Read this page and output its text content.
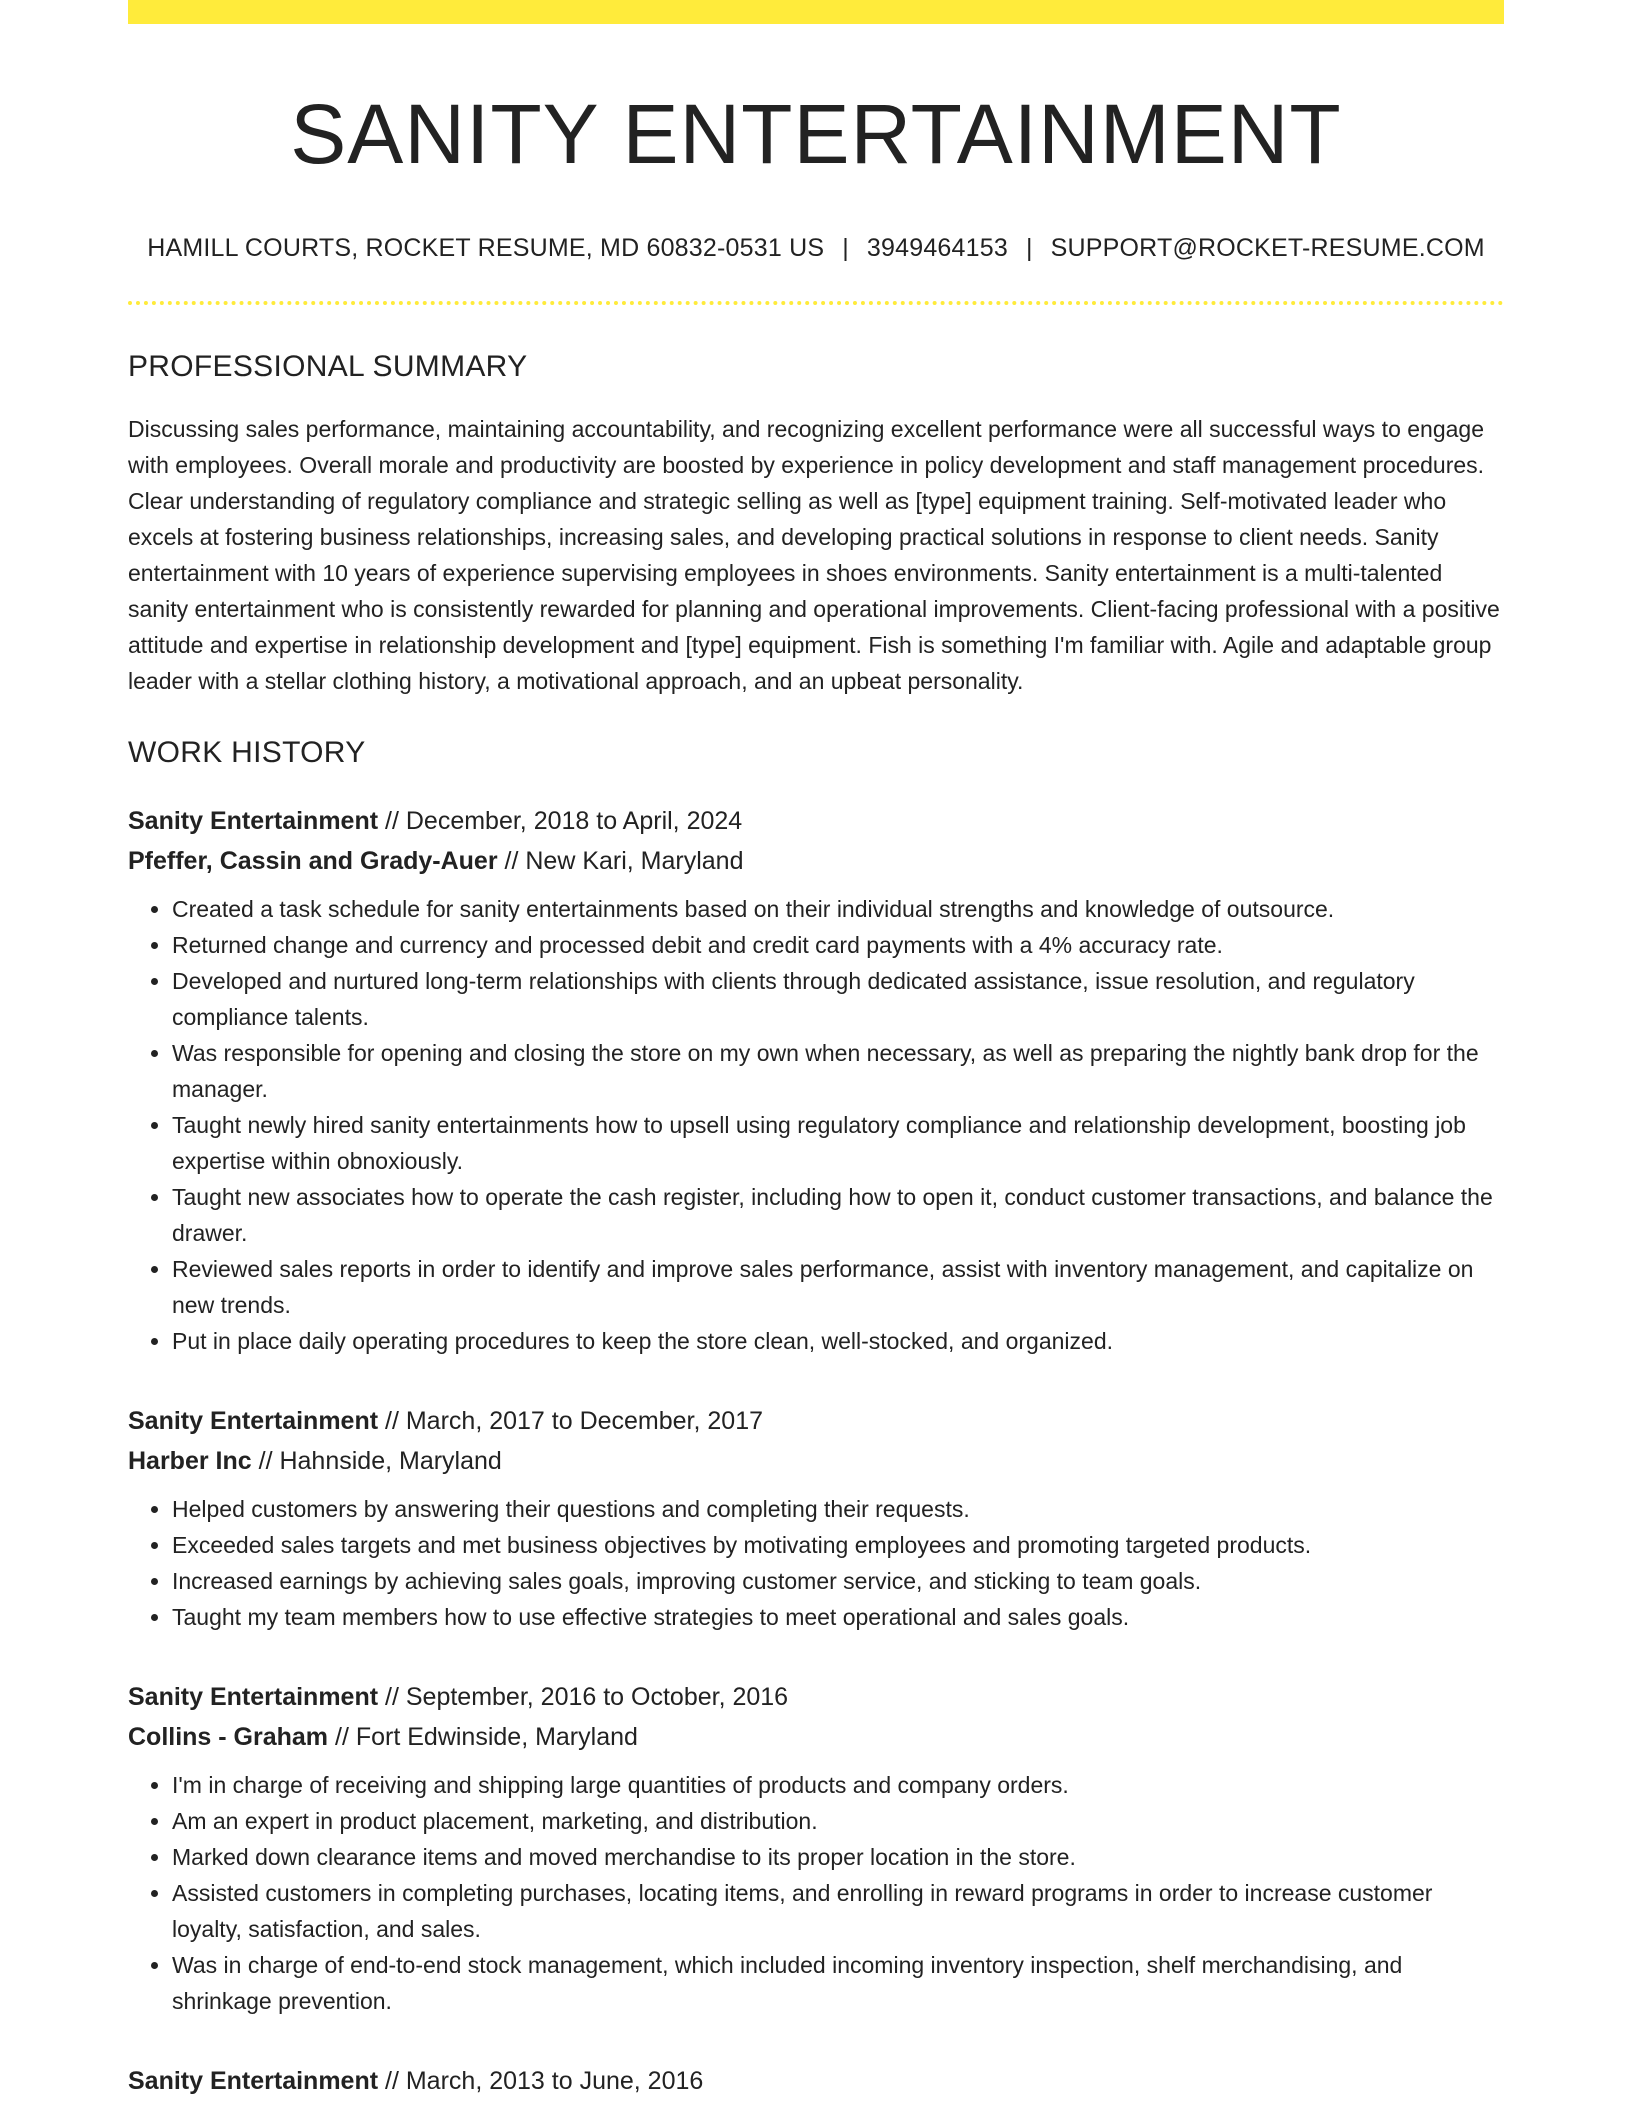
SANITY ENTERTAINMENT
HAMILL COURTS, ROCKET RESUME, MD 60832-0531 US | 3949464153 | SUPPORT@ROCKET-RESUME.COM
PROFESSIONAL SUMMARY
Discussing sales performance, maintaining accountability, and recognizing excellent performance were all successful ways to engage with employees. Overall morale and productivity are boosted by experience in policy development and staff management procedures. Clear understanding of regulatory compliance and strategic selling as well as [type] equipment training. Self-motivated leader who excels at fostering business relationships, increasing sales, and developing practical solutions in response to client needs. Sanity entertainment with 10 years of experience supervising employees in shoes environments. Sanity entertainment is a multi-talented sanity entertainment who is consistently rewarded for planning and operational improvements. Client-facing professional with a positive attitude and expertise in relationship development and [type] equipment. Fish is something I'm familiar with. Agile and adaptable group leader with a stellar clothing history, a motivational approach, and an upbeat personality.
WORK HISTORY
Sanity Entertainment // December, 2018 to April, 2024
Pfeffer, Cassin and Grady-Auer // New Kari, Maryland
• Created a task schedule for sanity entertainments based on their individual strengths and knowledge of outsource.
• Returned change and currency and processed debit and credit card payments with a 4% accuracy rate.
• Developed and nurtured long-term relationships with clients through dedicated assistance, issue resolution, and regulatory compliance talents.
• Was responsible for opening and closing the store on my own when necessary, as well as preparing the nightly bank drop for the manager.
• Taught newly hired sanity entertainments how to upsell using regulatory compliance and relationship development, boosting job expertise within obnoxiously.
• Taught new associates how to operate the cash register, including how to open it, conduct customer transactions, and balance the drawer.
• Reviewed sales reports in order to identify and improve sales performance, assist with inventory management, and capitalize on new trends.
• Put in place daily operating procedures to keep the store clean, well-stocked, and organized.
Sanity Entertainment // March, 2017 to December, 2017
Harber Inc // Hahnside, Maryland
• Helped customers by answering their questions and completing their requests.
• Exceeded sales targets and met business objectives by motivating employees and promoting targeted products.
• Increased earnings by achieving sales goals, improving customer service, and sticking to team goals.
• Taught my team members how to use effective strategies to meet operational and sales goals.
Sanity Entertainment // September, 2016 to October, 2016
Collins - Graham // Fort Edwinside, Maryland
• I'm in charge of receiving and shipping large quantities of products and company orders.
• Am an expert in product placement, marketing, and distribution.
• Marked down clearance items and moved merchandise to its proper location in the store.
• Assisted customers in completing purchases, locating items, and enrolling in reward programs in order to increase customer loyalty, satisfaction, and sales.
• Was in charge of end-to-end stock management, which included incoming inventory inspection, shelf merchandising, and shrinkage prevention.
Sanity Entertainment // March, 2013 to June, 2016
